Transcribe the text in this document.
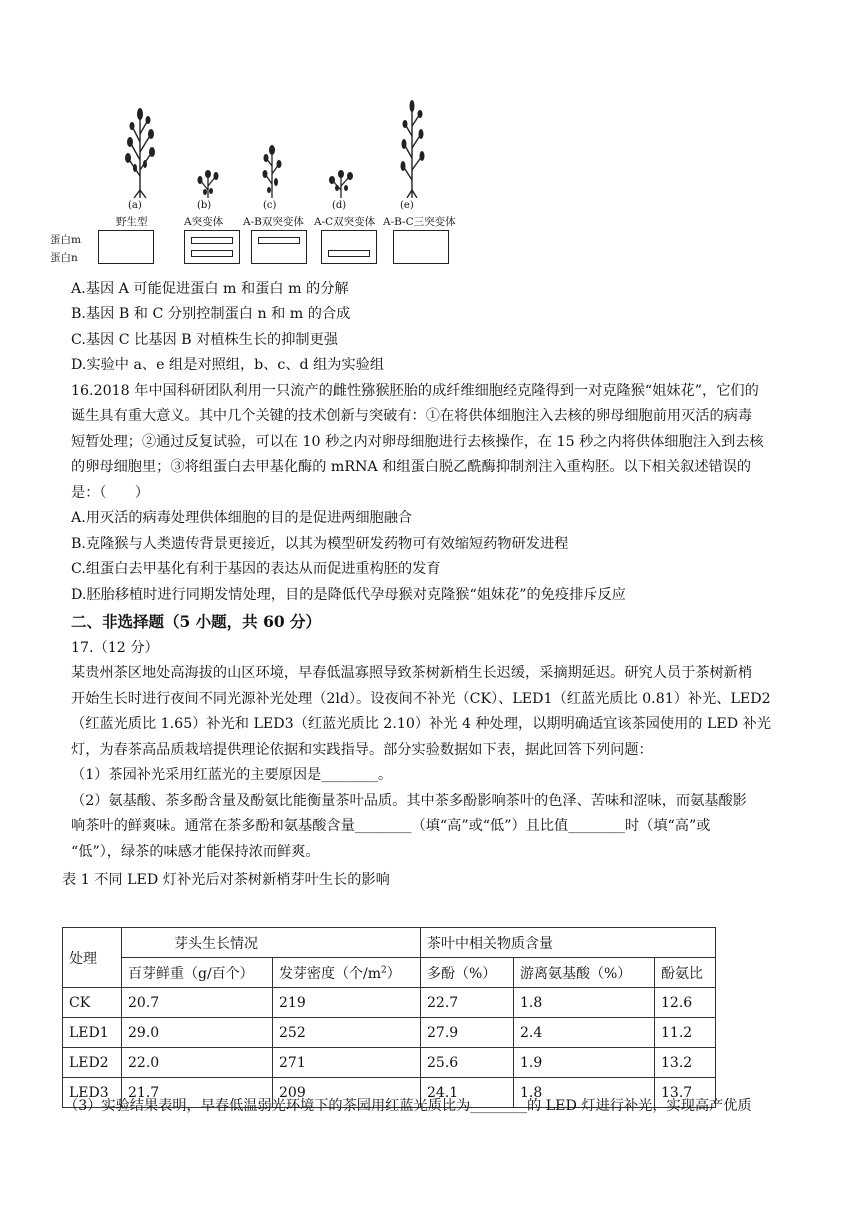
(a)	(b)	(c)	(d)	(e)
野生型	A突变体 A-B双突变体 A-C双突变体 A-B-C三突变体
蛋白m
蛋白n
A.基因 A 可能促进蛋白 m 和蛋白 m 的分解
B.基因 B 和 C 分别控制蛋白 n 和 m 的合成
C.基因 C 比基因 B 对植株生长的抑制更强
D.实验中 a、e 组是对照组，b、c、d 组为实验组
16.2018 年中国科研团队利用一只流产的雌性猕猴胚胎的成纤维细胞经克隆得到一对克隆猴“姐妹花”，它们的
诞生具有重大意义。其中几个关键的技术创新与突破有：①在将供体细胞注入去核的卵母细胞前用灭活的病毒
短暂处理；②通过反复试验，可以在 10 秒之内对卵母细胞进行去核操作，在 15 秒之内将供体细胞注入到去核
的卵母细胞里；③将组蛋白去甲基化酶的 mRNA 和组蛋白脱乙酰酶抑制剂注入重构胚。以下相关叙述错误的
是：（　　）
A.用灭活的病毒处理供体细胞的目的是促进两细胞融合
B.克隆猴与人类遗传背景更接近，以其为模型研发药物可有效缩短药物研发进程
C.组蛋白去甲基化有利于基因的表达从而促进重构胚的发育
D.胚胎移植时进行同期发情处理，目的是降低代孕母猴对克隆猴“姐妹花”的免疫排斥反应
二、非选择题（5 小题，共 60 分）
17.（12 分）
某贵州茶区地处高海拔的山区环境，早春低温寡照导致茶树新梢生长迟缓，采摘期延迟。研究人员于茶树新梢
开始生长时进行夜间不同光源补光处理（2ld）。设夜间不补光（CK）、LED1（红蓝光质比 0.81）补光、LED2
（红蓝光质比 1.65）补光和 LED3（红蓝光质比 2.10）补光 4 种处理，以期明确适宜该茶园使用的 LED 补光
灯，为春茶高品质栽培提供理论依据和实践指导。部分实验数据如下表，据此回答下列问题：
（1）茶园补光采用红蓝光的主要原因是________。
（2）氨基酸、茶多酚含量及酚氨比能衡量茶叶品质。其中茶多酚影响茶叶的色泽、苦味和涩味，而氨基酸影
响茶叶的鲜爽味。通常在茶多酚和氨基酸含量________（填“高”或“低”）且比值________时（填“高”或
“低”），绿茶的味感才能保持浓而鲜爽。
表 1 不同 LED 灯补光后对茶树新梢芽叶生长的影响
处理	芽头生长情况		茶叶中相关物质含量		
	百芽鲜重（g/百个）	发芽密度（个$/m^2$）	多酚（%）	游离氨基酸（%）	酚氨比
CK	20.7	219	22.7	1.8	12.6
LED1	29.0	252	27.9	2.4	11.2
LED2	22.0	271	25.6	1.9	13.2
LED3	21.7	209	24.1	1.8	13.7
（3）实验结果表明，早春低温弱光环境下的茶园用红蓝光质比为________的 LED 灯进行补光，实现高产优质
